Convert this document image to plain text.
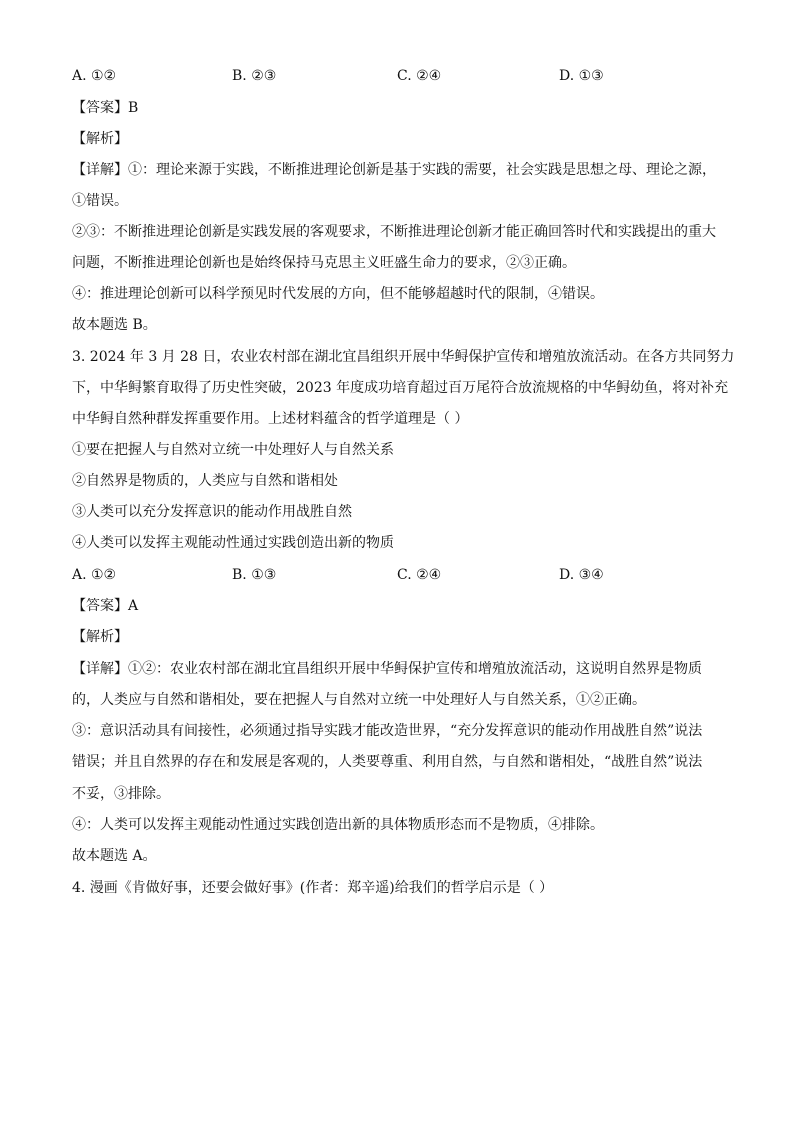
A. ①②	B. ②③	C. ②④	D. ①③
【答案】B
【解析】
【详解】①：理论来源于实践，不断推进理论创新是基于实践的需要，社会实践是思想之母、理论之源，
①错误。
②③：不断推进理论创新是实践发展的客观要求，不断推进理论创新才能正确回答时代和实践提出的重大
问题，不断推进理论创新也是始终保持马克思主义旺盛生命力的要求，②③正确。
④：推进理论创新可以科学预见时代发展的方向，但不能够超越时代的限制，④错误。
故本题选 B。
3. 2024 年 3 月 28 日，农业农村部在湖北宜昌组织开展中华鲟保护宣传和增殖放流活动。在各方共同努力
下，中华鲟繁育取得了历史性突破，2023 年度成功培育超过百万尾符合放流规格的中华鲟幼鱼，将对补充
中华鲟自然种群发挥重要作用。上述材料蕴含的哲学道理是（ ）
①要在把握人与自然对立统一中处理好人与自然关系
②自然界是物质的，人类应与自然和谐相处
③人类可以充分发挥意识的能动作用战胜自然
④人类可以发挥主观能动性通过实践创造出新的物质
A. ①②	B. ①③	C. ②④	D. ③④
【答案】A
【解析】
【详解】①②：农业农村部在湖北宜昌组织开展中华鲟保护宣传和增殖放流活动，这说明自然界是物质
的，人类应与自然和谐相处，要在把握人与自然对立统一中处理好人与自然关系，①②正确。
③：意识活动具有间接性，必须通过指导实践才能改造世界，“充分发挥意识的能动作用战胜自然”说法
错误；并且自然界的存在和发展是客观的，人类要尊重、利用自然，与自然和谐相处，“战胜自然”说法
不妥，③排除。
④：人类可以发挥主观能动性通过实践创造出新的具体物质形态而不是物质，④排除。
故本题选 A。
4. 漫画《肯做好事，还要会做好事》(作者：郑辛遥)给我们的哲学启示是（ ）
